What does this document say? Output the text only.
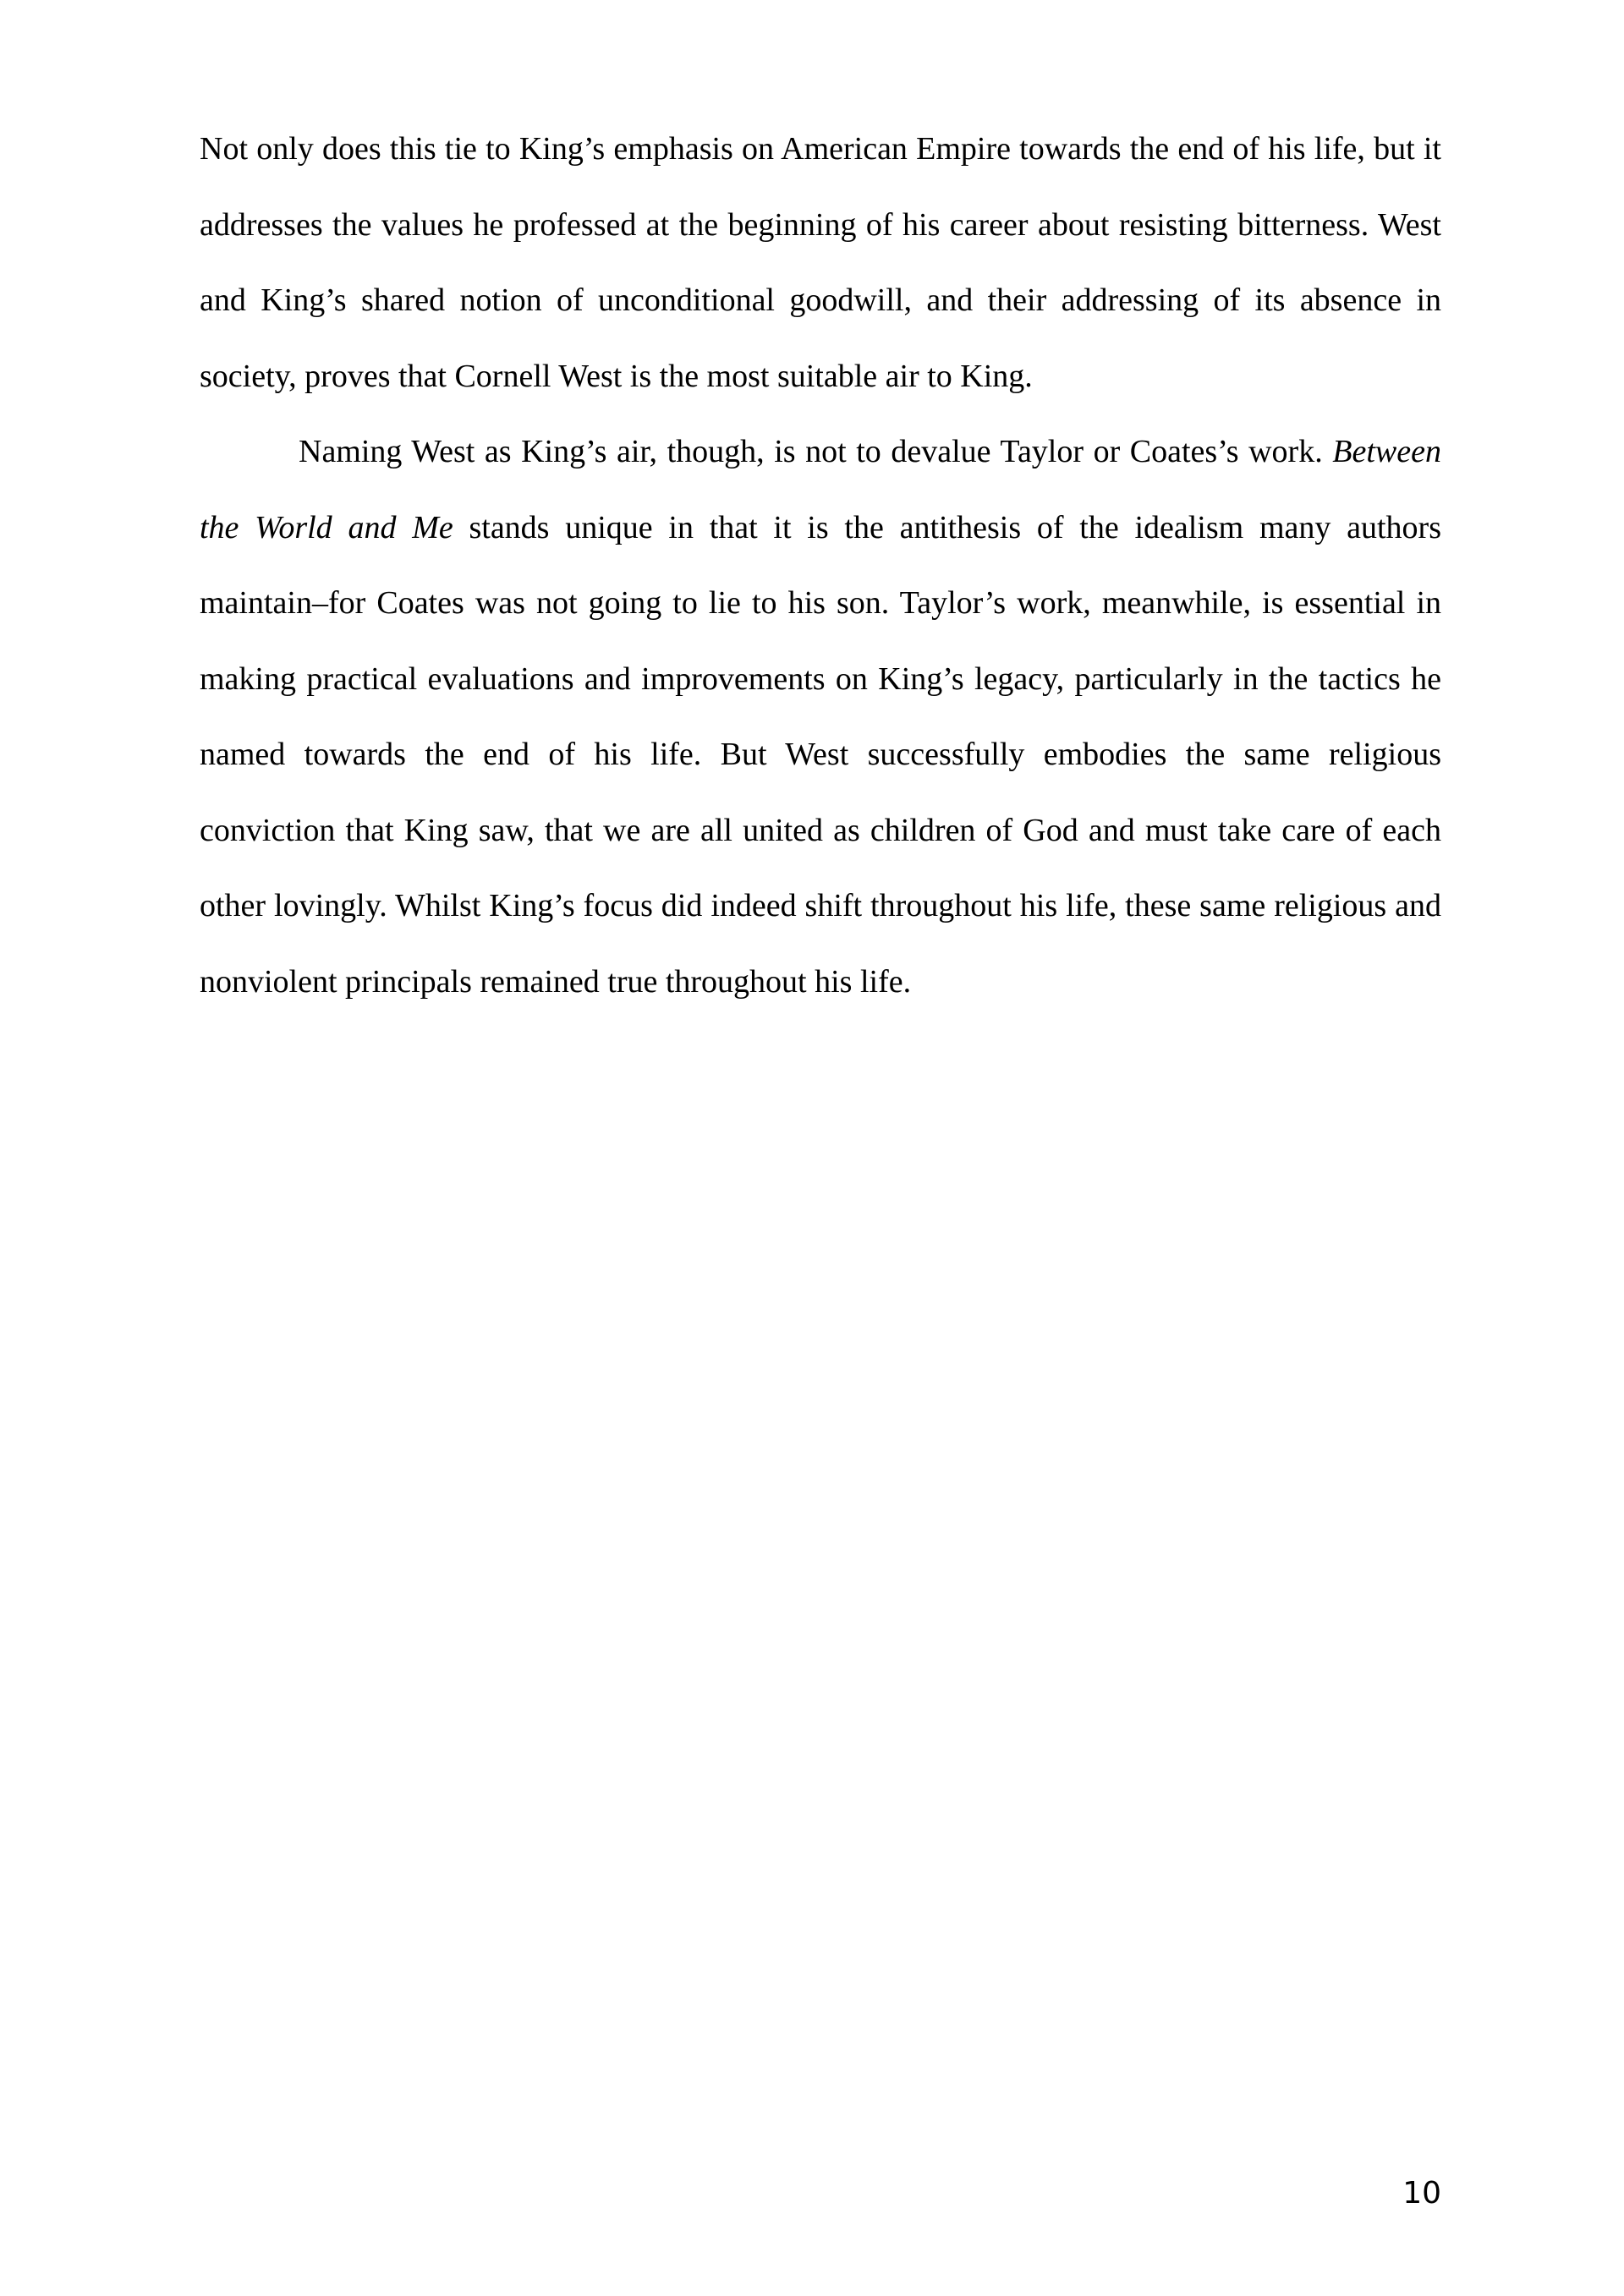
Not only does this tie to King’s emphasis on American Empire towards the end of his life, but it addresses the values he professed at the beginning of his career about resisting bitterness. West and King’s shared notion of unconditional goodwill, and their addressing of its absence in society, proves that Cornell West is the most suitable air to King.

Naming West as King’s air, though, is not to devalue Taylor or Coates’s work. Between the World and Me stands unique in that it is the antithesis of the idealism many authors maintain–for Coates was not going to lie to his son. Taylor’s work, meanwhile, is essential in making practical evaluations and improvements on King’s legacy, particularly in the tactics he named towards the end of his life. But West successfully embodies the same religious conviction that King saw, that we are all united as children of God and must take care of each other lovingly. Whilst King’s focus did indeed shift throughout his life, these same religious and nonviolent principals remained true throughout his life.

10
